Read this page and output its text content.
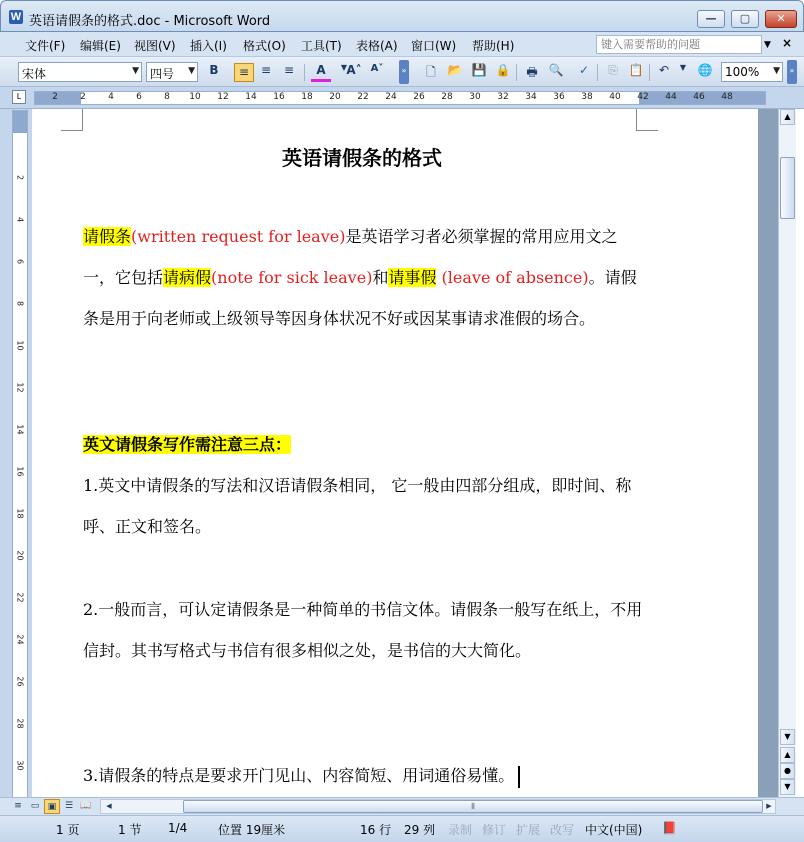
W 英语请假条的格式.doc - Microsoft Word	—	▢	✕
文件(F) 编辑(E) 视图(V) 插入(I) 格式(O) 工具(T) 表格(A) 窗口(W) 帮助(H)
键入需要帮助的问题	▼ ×
宋体	▼ 四号 ▼	B	≡ ≡	≡	A	▼ A˄ A˅	»	🗋 📂 💾 🔒	🖶 🔍	✓	⎘ 📋	↶	▼ 🌐	100% ▼	»
L	2 2 4 6 8 10 12 14 16 18 20 22 24 26 28 30 32 34 36 38 40 42 44 46 48
2
4
6
8
10
12
14
16
18
20
22
24
26
28
30
英语请假条的格式
请假条(written request for leave)是英语学习者必须掌握的常用应用文之一，它包括请病假(note for sick leave)和请事假 (leave of absence)。请假条是用于向老师或上级领导等因身体状况不好或因某事请求准假的场合。
英文请假条写作需注意三点：
1.英文中请假条的写法和汉语请假条相同， 它一般由四部分组成，即时间、称呼、正文和签名。
2.一般而言，可认定请假条是一种简单的书信文体。请假条一般写在纸上，不用信封。其书写格式与书信有很多相似之处，是书信的大大简化。
3.请假条的特点是要求开门见山、内容简短、用词通俗易懂。
▲
▼
▲
●
▼
≡ ▭ ▣ ☰ 📖	◀	⦀	▶
1 页	1 节 1/4	位置 19厘米	16 行 29 列 录制 修订 扩展 改写 中文(中国) 📕
